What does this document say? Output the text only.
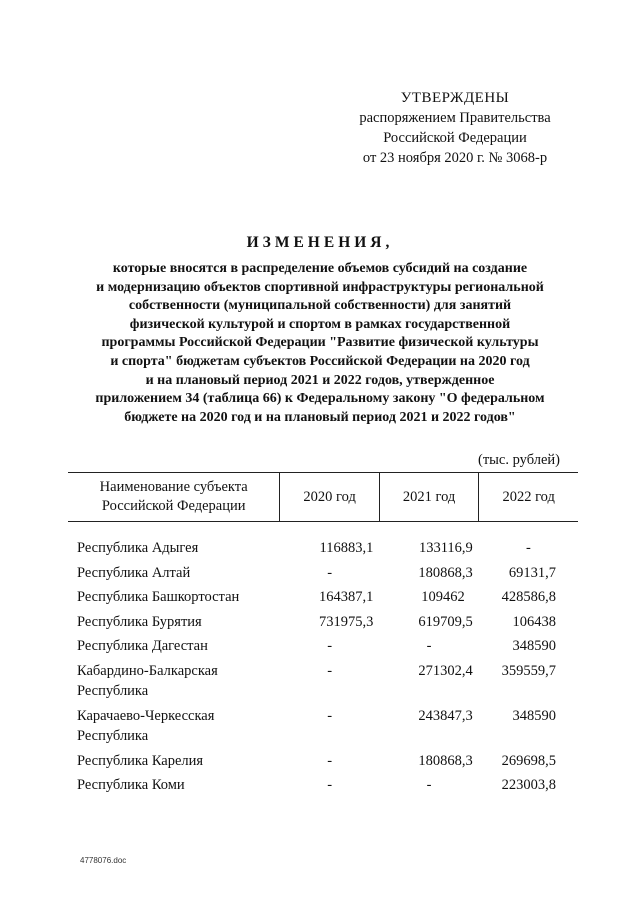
УТВЕРЖДЕНЫ
распоряжением Правительства
Российской Федерации
от 23 ноября 2020 г. № 3068-р
ИЗМЕНЕНИЯ,
которые вносятся в распределение объемов субсидий на создание
и модернизацию объектов спортивной инфраструктуры региональной
собственности (муниципальной собственности) для занятий
физической культурой и спортом в рамках государственной
программы Российской Федерации "Развитие физической культуры
и спорта" бюджетам субъектов Российской Федерации на 2020 год
и на плановый период 2021 и 2022 годов, утвержденное
приложением 34 (таблица 66) к Федеральному закону "О федеральном
бюджете на 2020 год и на плановый период 2021 и 2022 годов"
(тыс. рублей)
Наименование субъекта
Российской Федерации	2020 год	2021 год	2022 год

Республика Адыгея	116883,1	133116,9	-

Республика Алтай	-	180868,3	69131,7

Республика Башкортостан	164387,1	109462	428586,8

Республика Бурятия	731975,3	619709,5	106438

Республика Дагестан	-	-	348590

Кабардино-Балкарская
Республика	-	271302,4	359559,7

Карачаево-Черкесская
Республика	-	243847,3	348590

Республика Карелия	-	180868,3	269698,5

Республика Коми	-	-	223003,8
4778076.doc
